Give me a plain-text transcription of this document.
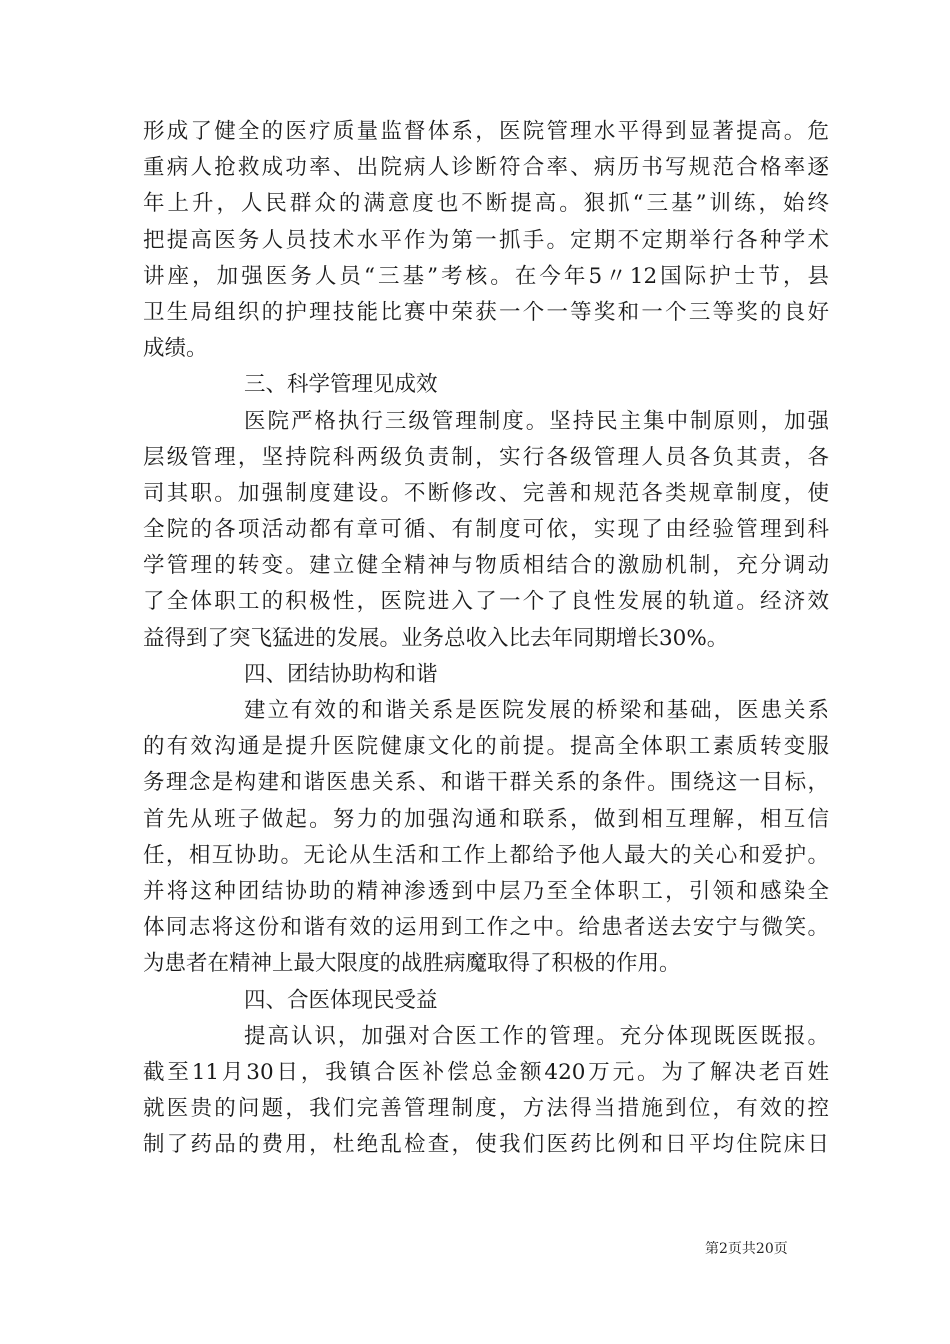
形成了健全的医疗质量监督体系，医院管理水平得到显著提高。危
重病人抢救成功率、出院病人诊断符合率、病历书写规范合格率逐
年上升，人民群众的满意度也不断提高。狠抓“三基”训练，始终
把提高医务人员技术水平作为第一抓手。定期不定期举行各种学术
讲座，加强医务人员“三基”考核。在今年5〃12国际护士节，县
卫生局组织的护理技能比赛中荣获一个一等奖和一个三等奖的良好
成绩。
三、科学管理见成效
医院严格执行三级管理制度。坚持民主集中制原则，加强
层级管理，坚持院科两级负责制，实行各级管理人员各负其责，各
司其职。加强制度建设。不断修改、完善和规范各类规章制度，使
全院的各项活动都有章可循、有制度可依，实现了由经验管理到科
学管理的转变。建立健全精神与物质相结合的激励机制，充分调动
了全体职工的积极性，医院进入了一个了良性发展的轨道。经济效
益得到了突飞猛进的发展。业务总收入比去年同期增长30%。
四、团结协助构和谐
建立有效的和谐关系是医院发展的桥梁和基础，医患关系
的有效沟通是提升医院健康文化的前提。提高全体职工素质转变服
务理念是构建和谐医患关系、和谐干群关系的条件。围绕这一目标，
首先从班子做起。努力的加强沟通和联系，做到相互理解，相互信
任，相互协助。无论从生活和工作上都给予他人最大的关心和爱护。
并将这种团结协助的精神渗透到中层乃至全体职工，引领和感染全
体同志将这份和谐有效的运用到工作之中。给患者送去安宁与微笑。
为患者在精神上最大限度的战胜病魔取得了积极的作用。
四、合医体现民受益
提高认识，加强对合医工作的管理。充分体现既医既报。
截至11月30日，我镇合医补偿总金额420万元。为了解决老百姓
就医贵的问题，我们完善管理制度，方法得当措施到位，有效的控
制了药品的费用，杜绝乱检查，使我们医药比例和日平均住院床日
第2页共20页
